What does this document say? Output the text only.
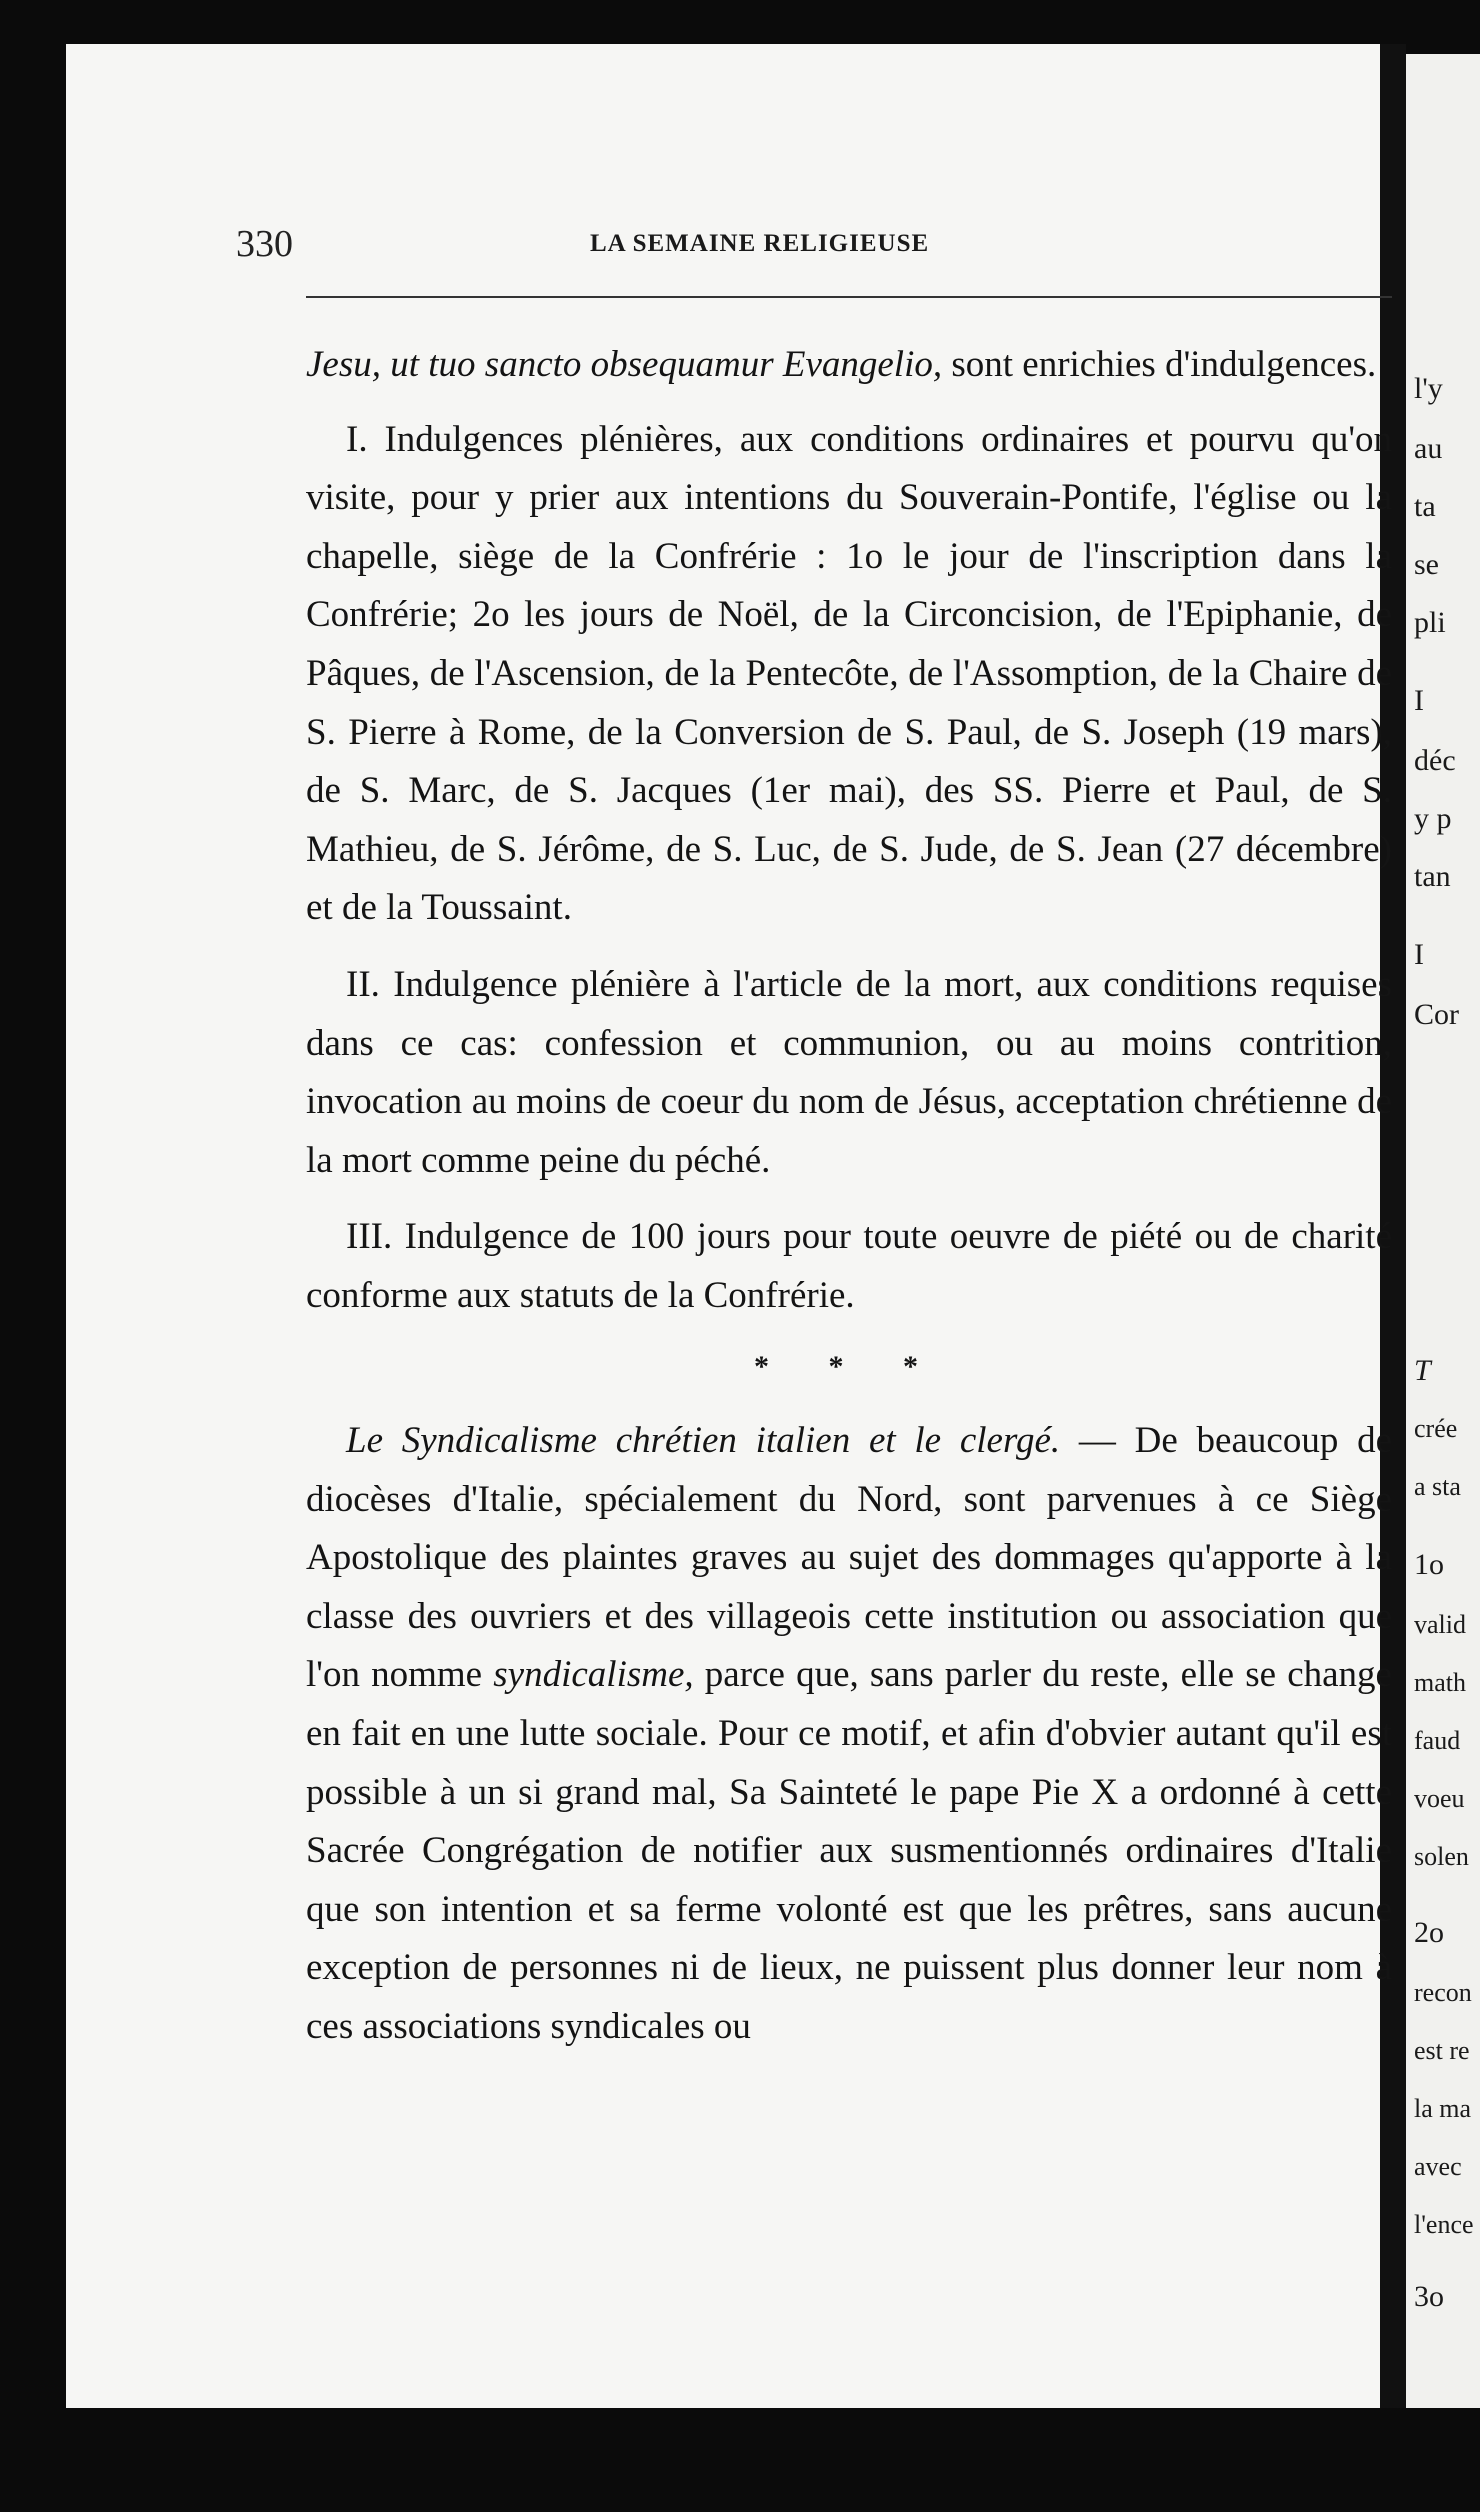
l'y
au
ta
se
pli
I
déc
y p
tan
I
Cor
T
crée
a sta
1o
valid
math
faud
voeu
solen
2o
recon
est re
la ma
avec
l'ence
3o
330	LA SEMAINE RELIGIEUSE

Jesu, ut tuo sancto obsequamur Evangelio, sont enrichies d'indulgences.

I. Indulgences plénières, aux conditions ordinaires et pourvu qu'on visite, pour y prier aux intentions du Souverain-Pontife, l'église ou la chapelle, siège de la Confrérie : 1o le jour de l'inscription dans la Confrérie; 2o les jours de Noël, de la Circoncision, de l'Epiphanie, de Pâques, de l'Ascension, de la Pentecôte, de l'Assomption, de la Chaire de S. Pierre à Rome, de la Conversion de S. Paul, de S. Joseph (19 mars), de S. Marc, de S. Jacques (1er mai), des SS. Pierre et Paul, de S. Mathieu, de S. Jérôme, de S. Luc, de S. Jude, de S. Jean (27 décembre) et de la Toussaint.

II. Indulgence plénière à l'article de la mort, aux conditions requises dans ce cas: confession et communion, ou au moins contrition, invocation au moins de coeur du nom de Jésus, acceptation chrétienne de la mort comme peine du péché.

III. Indulgence de 100 jours pour toute oeuvre de piété ou de charité conforme aux statuts de la Confrérie.

* * *

Le Syndicalisme chrétien italien et le clergé. — De beaucoup de diocèses d'Italie, spécialement du Nord, sont parvenues à ce Siège Apostolique des plaintes graves au sujet des dommages qu'apporte à la classe des ouvriers et des villageois cette institution ou association que l'on nomme syndicalisme, parce que, sans parler du reste, elle se change en fait en une lutte sociale. Pour ce motif, et afin d'obvier autant qu'il est possible à un si grand mal, Sa Sainteté le pape Pie X a ordonné à cette Sacrée Congrégation de notifier aux susmentionnés ordinaires d'Italie que son intention et sa ferme volonté est que les prêtres, sans aucune exception de personnes ni de lieux, ne puissent plus donner leur nom à ces associations syndicales ou
